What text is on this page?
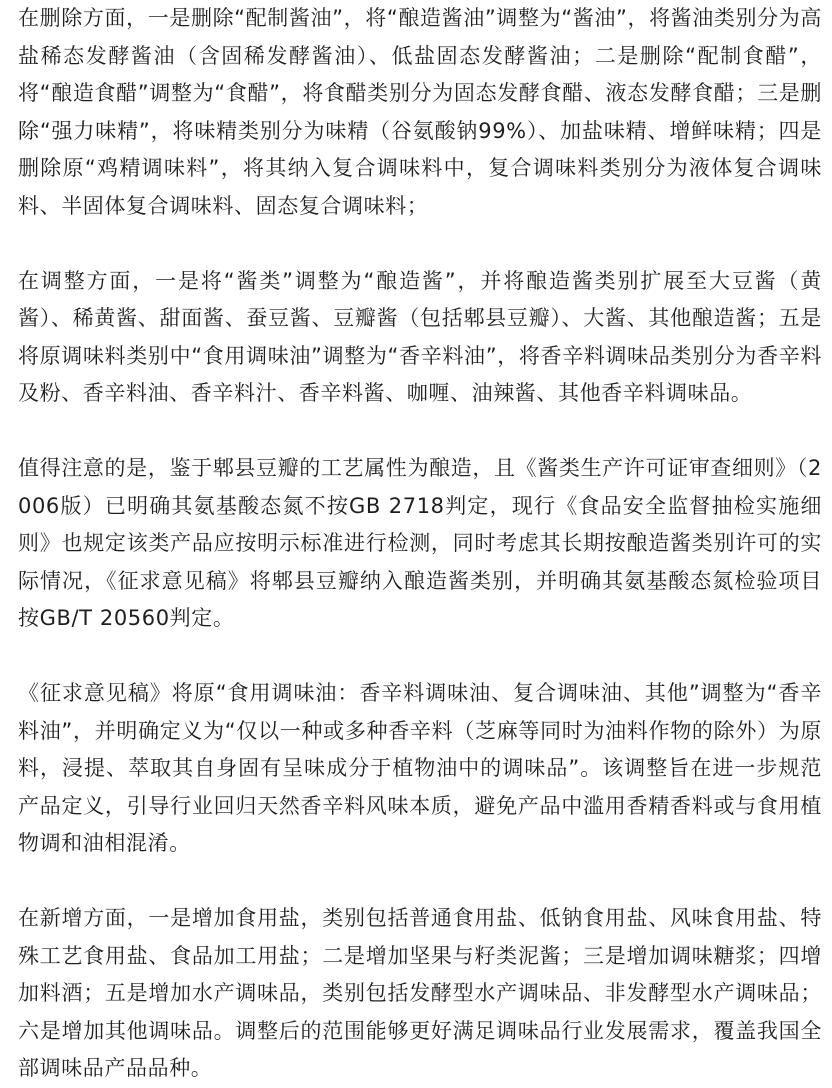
在删除方面，一是删除“配制酱油”，将“酿造酱油”调整为“酱油”，将酱油类别分为高盐稀态发酵酱油（含固稀发酵酱油）、低盐固态发酵酱油；二是删除“配制食醋”，将“酿造食醋”调整为“食醋”，将食醋类别分为固态发酵食醋、液态发酵食醋；三是删除“强力味精”，将味精类别分为味精（谷氨酸钠99%）、加盐味精、增鲜味精；四是删除原“鸡精调味料”，将其纳入复合调味料中，复合调味料类别分为液体复合调味料、半固体复合调味料、固态复合调味料；

在调整方面，一是将“酱类”调整为“酿造酱”，并将酿造酱类别扩展至大豆酱（黄酱）、稀黄酱、甜面酱、蚕豆酱、豆瓣酱（包括郫县豆瓣）、大酱、其他酿造酱；五是将原调味料类别中“食用调味油”调整为“香辛料油”，将香辛料调味品类别分为香辛料及粉、香辛料油、香辛料汁、香辛料酱、咖喱、油辣酱、其他香辛料调味品。

值得注意的是，鉴于郫县豆瓣的工艺属性为酿造，且《酱类生产许可证审查细则》（2006版）已明确其氨基酸态氮不按GB 2718判定，现行《食品安全监督抽检实施细则》也规定该类产品应按明示标准进行检测，同时考虑其长期按酿造酱类别许可的实际情况，《征求意见稿》将郫县豆瓣纳入酿造酱类别，并明确其氨基酸态氮检验项目按GB/T 20560判定。

《征求意见稿》将原“食用调味油：香辛料调味油、复合调味油、其他”调整为“香辛料油”，并明确定义为“仅以一种或多种香辛料（芝麻等同时为油料作物的除外）为原料，浸提、萃取其自身固有呈味成分于植物油中的调味品”。该调整旨在进一步规范产品定义，引导行业回归天然香辛料风味本质，避免产品中滥用香精香料或与食用植物调和油相混淆。

在新增方面，一是增加食用盐，类别包括普通食用盐、低钠食用盐、风味食用盐、特殊工艺食用盐、食品加工用盐；二是增加坚果与籽类泥酱；三是增加调味糖浆；四增加料酒；五是增加水产调味品，类别包括发酵型水产调味品、非发酵型水产调味品；六是增加其他调味品。调整后的范围能够更好满足调味品行业发展需求，覆盖我国全部调味品产品品种。
